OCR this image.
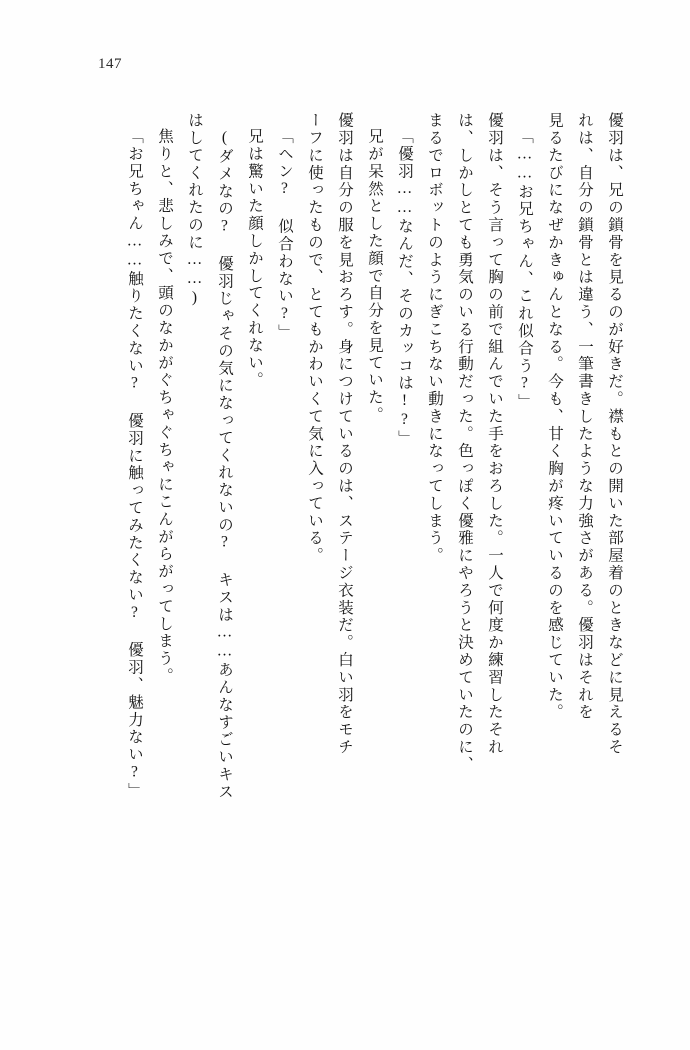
147
優羽は、兄の鎖骨を見るのが好きだ。襟もとの開いた部屋着のときなどに見えるそ
れは、自分の鎖骨とは違う、一筆書きしたような力強さがある。優羽はそれを
見るたびになぜかきゅんとなる。今も、甘く胸が疼いているのを感じていた。
「……お兄ちゃん、これ似合う?」
優羽は、そう言って胸の前で組んでいた手をおろした。一人で何度か練習したそれ
は、しかしとても勇気のいる行動だった。色っぽく優雅にやろうと決めていたのに、
まるでロボットのようにぎこちない動きになってしまう。
「優羽……なんだ、そのカッコは!?」
兄が呆然とした顔で自分を見ていた。
優羽は自分の服を見おろす。身につけているのは、ステージ衣装だ。白い羽をモチ
ーフに使ったもので、とてもかわいくて気に入っている。
「ヘン? 似合わない?」
兄は驚いた顔しかしてくれない。
(ダメなの? 優羽じゃその気になってくれないの? キスは……あんなすごいキス
はしてくれたのに……)
焦りと、悲しみで、頭のなかがぐちゃぐちゃにこんがらがってしまう。
「お兄ちゃん……触りたくない? 優羽に触ってみたくない? 優羽、魅力ない?」
